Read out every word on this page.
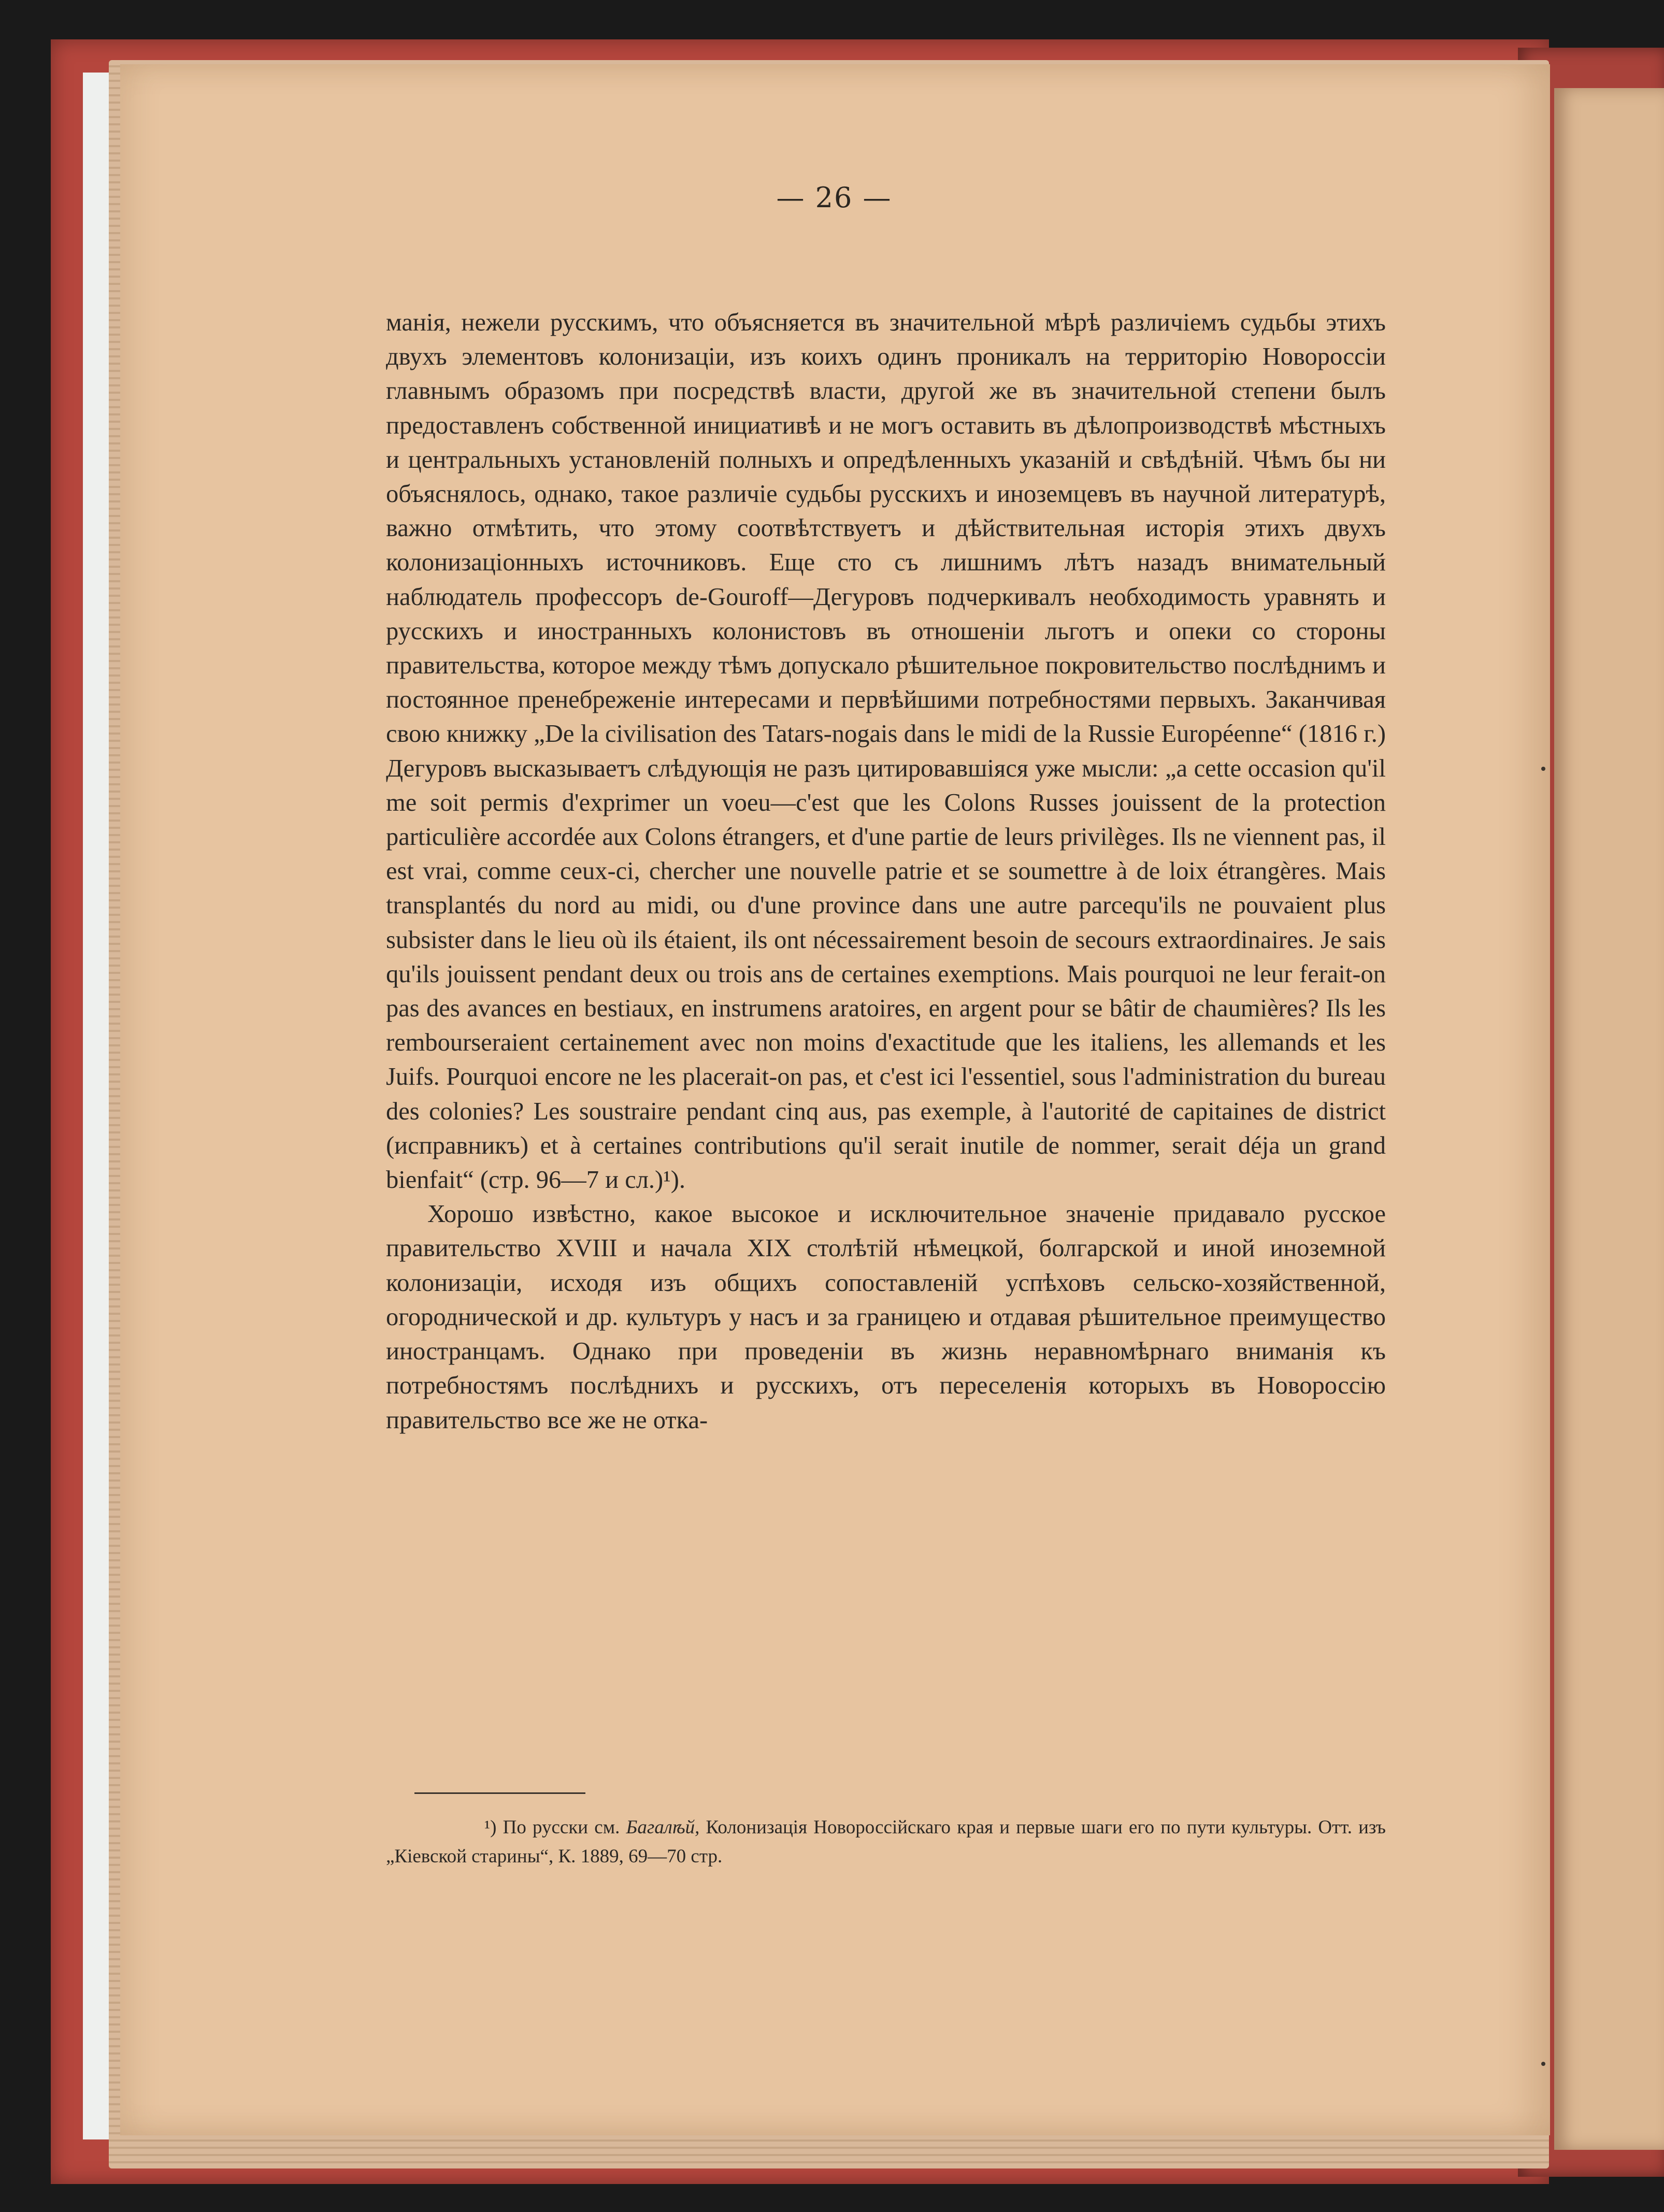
— 26 —

манія, нежели русскимъ, что объясняется въ значительной мѣрѣ различіемъ судьбы этихъ двухъ элементовъ колонизаціи, изъ коихъ одинъ проникалъ на территорію Новороссіи главнымъ образомъ при посредствѣ власти, другой же въ значительной степени былъ предоставленъ собственной инициативѣ и не могъ оставить въ дѣлопроизводствѣ мѣстныхъ и центральныхъ установленій полныхъ и опредѣленныхъ указаній и свѣдѣній. Чѣмъ бы ни объяснялось, однако, такое различіе судьбы русскихъ и иноземцевъ въ научной литературѣ, важно отмѣтить, что этому соотвѣтствуетъ и дѣйствительная исторія этихъ двухъ колонизаціонныхъ источниковъ. Еще сто съ лишнимъ лѣтъ назадъ внимательный наблюдатель профессоръ de-Gouroff—Дегуровъ подчеркивалъ необходимость уравнять и русскихъ и иностранныхъ колонистовъ въ отношеніи льготъ и опеки со стороны правительства, которое между тѣмъ допускало рѣшительное покровительство послѣднимъ и постоянное пренебреженіе интересами и первѣйшими потребностями первыхъ. Заканчивая свою книжку „De la civilisation des Tatars-nogais dans le midi de la Russie Européenne“ (1816 г.) Дегуровъ высказываетъ слѣдующія не разъ цитировавшіяся уже мысли: „a cette occasion qu'il me soit permis d'exprimer un voeu—c'est que les Colons Russes jouissent de la protection particulière accordée aux Colons étrangers, et d'une partie de leurs privilèges. Ils ne viennent pas, il est vrai, comme ceux-ci, chercher une nouvelle patrie et se soumettre à de loix étrangères. Mais transplantés du nord au midi, ou d'une province dans une autre parcequ'ils ne pouvaient plus subsister dans le lieu où ils étaient, ils ont nécessairement besoin de secours extraordinaires. Je sais qu'ils jouissent pendant deux ou trois ans de certaines exemptions. Mais pourquoi ne leur ferait-on pas des avances en bestiaux, en instrumens aratoires, en argent pour se bâtir de chaumières? Ils les rembourseraient certainement avec non moins d'exactitude que les italiens, les allemands et les Juifs. Pourquoi encore ne les placerait-on pas, et c'est ici l'essentiel, sous l'administration du bureau des colonies? Les soustraire pendant cinq aus, pas exemple, à l'autorité de capitaines de district (исправникъ) et à certaines contributions qu'il serait inutile de nommer, serait déja un grand bienfait“ (стр. 96—7 и сл.)¹).

Хорошо извѣстно, какое высокое и исключительное значеніе придавало русское правительство XVIII и начала XIX столѣтій нѣмецкой, болгарской и иной иноземной колонизаціи, исходя изъ общихъ сопоставленій успѣховъ сельско-хозяйственной, огороднической и др. культуръ у насъ и за границею и отдавая рѣшительное преимущество иностранцамъ. Однако при проведеніи въ жизнь неравномѣрнаго вниманія къ потребностямъ послѣднихъ и русскихъ, отъ переселенія которыхъ въ Новороссію правительство все же не отка-

¹) По русски см. Багалѣй, Колонизація Новороссійскаго края и первые шаги его по пути культуры. Отт. изъ „Кіевской старины“, К. 1889, 69—70 стр.
